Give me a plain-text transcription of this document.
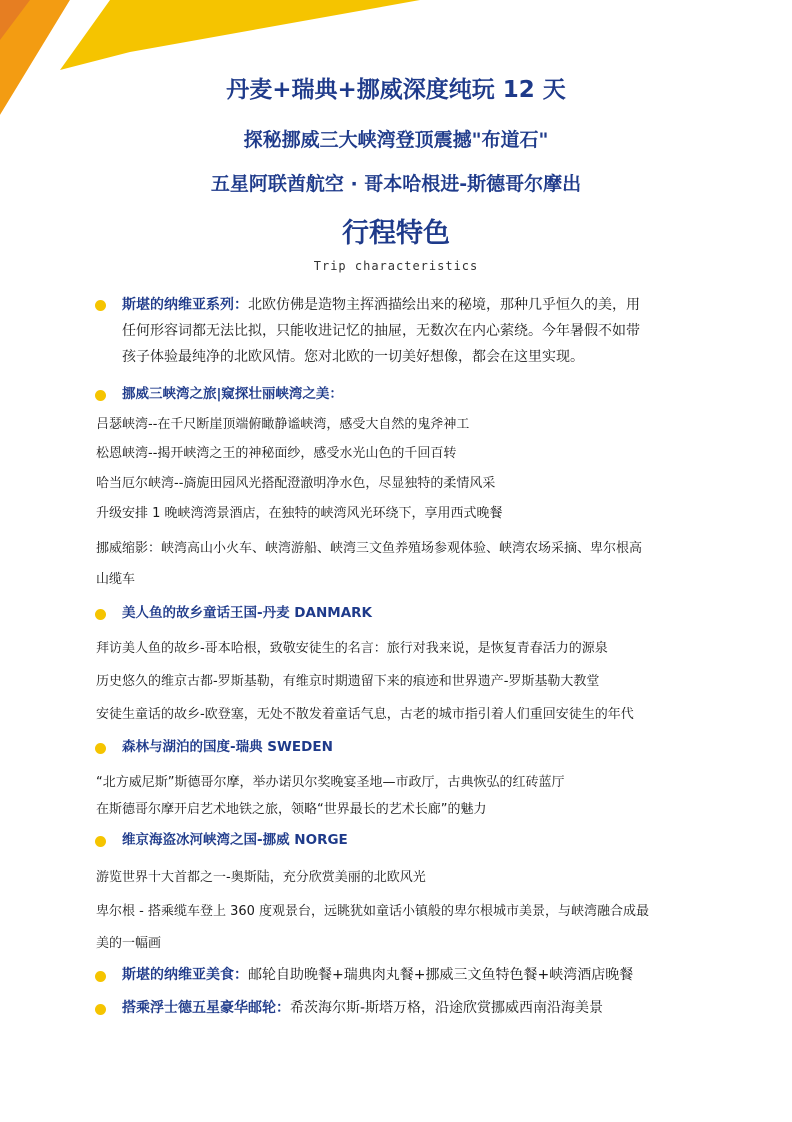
丹麦+瑞典+挪威深度纯玩 12 天
探秘挪威三大峡湾登顶震撼"布道石"
五星阿联酋航空 · 哥本哈根进-斯德哥尔摩出
行程特色
Trip characteristics
斯堪的纳维亚系列：北欧仿佛是造物主挥洒描绘出来的秘境，那种几乎恒久的美，用
任何形容词都无法比拟，只能收进记忆的抽屉，无数次在内心萦绕。今年暑假不如带
孩子体验最纯净的北欧风情。您对北欧的一切美好想像，都会在这里实现。
挪威三峡湾之旅|窥探壮丽峡湾之美：
吕瑟峡湾--在千尺断崖顶端俯瞰静谧峡湾，感受大自然的鬼斧神工
松恩峡湾--揭开峡湾之王的神秘面纱，感受水光山色的千回百转
哈当厄尔峡湾--旖旎田园风光搭配澄澈明净水色，尽显独特的柔情风采
升级安排 1 晚峡湾湾景酒店，在独特的峡湾风光环绕下，享用西式晚餐
挪威缩影：峡湾高山小火车、峡湾游船、峡湾三文鱼养殖场参观体验、峡湾农场采摘、卑尔根高
山缆车
美人鱼的故乡童话王国-丹麦 DANMARK
拜访美人鱼的故乡-哥本哈根，致敬安徒生的名言：旅行对我来说，是恢复青春活力的源泉
历史悠久的维京古都-罗斯基勒，有维京时期遗留下来的痕迹和世界遗产-罗斯基勒大教堂
安徒生童话的故乡-欧登塞，无处不散发着童话气息，古老的城市指引着人们重回安徒生的年代
森林与湖泊的国度-瑞典 SWEDEN
“北方威尼斯”斯德哥尔摩，举办诺贝尔奖晚宴圣地—市政厅，古典恢弘的红砖蓝厅
在斯德哥尔摩开启艺术地铁之旅，领略“世界最长的艺术长廊”的魅力
维京海盗冰河峡湾之国-挪威 NORGE
游览世界十大首都之一-奥斯陆，充分欣赏美丽的北欧风光
卑尔根 - 搭乘缆车登上 360 度观景台，远眺犹如童话小镇般的卑尔根城市美景，与峡湾融合成最
美的一幅画
斯堪的纳维亚美食：邮轮自助晚餐+瑞典肉丸餐+挪威三文鱼特色餐+峡湾酒店晚餐
搭乘浮士德五星豪华邮轮：希茨海尔斯-斯塔万格，沿途欣赏挪威西南沿海美景
